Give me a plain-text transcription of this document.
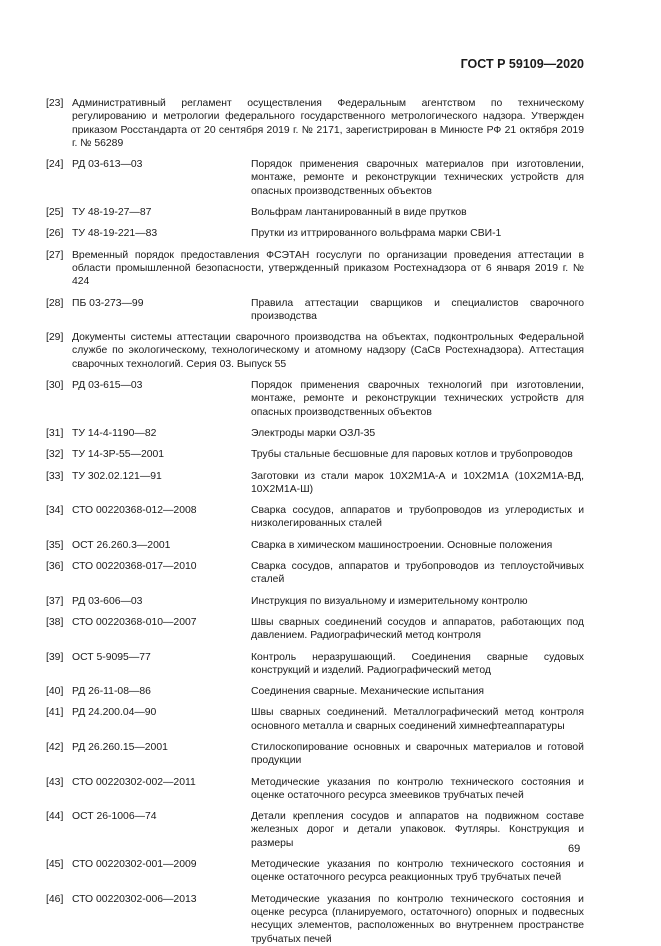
ГОСТ Р 59109—2020
[23] Административный регламент осуществления Федеральным агентством по техническому регулированию и метрологии федерального государственного метрологического надзора. Утвержден приказом Росстандарта от 20 сентября 2019 г. № 2171, зарегистрирован в Минюсте РФ 21 октября 2019 г. № 56289
[24] РД 03-613—03	Порядок применения сварочных материалов при изготовлении, монтаже, ремонте и реконструкции технических устройств для опасных производственных объектов
[25] ТУ 48-19-27—87	Вольфрам лантанированный в виде прутков
[26] ТУ 48-19-221—83	Прутки из иттрированного вольфрама марки СВИ-1
[27] Временный порядок предоставления ФСЭТАН госуслуги по организации проведения аттестации в области промышленной безопасности, утвержденный приказом Ростехнадзора от 6 января 2019 г. № 424
[28] ПБ 03-273—99	Правила аттестации сварщиков и специалистов сварочного производства
[29] Документы системы аттестации сварочного производства на объектах, подконтрольных Федеральной службе по экологическому, технологическому и атомному надзору (СаСв Ростехнадзора). Аттестация сварочных технологий. Серия 03. Выпуск 55
[30] РД 03-615—03	Порядок применения сварочных технологий при изготовлении, монтаже, ремонте и реконструкции технических устройств для опасных производственных объектов
[31] ТУ 14-4-1190—82	Электроды марки ОЗЛ-35
[32] ТУ 14-3Р-55—2001	Трубы стальные бесшовные для паровых котлов и трубопроводов
[33] ТУ 302.02.121—91	Заготовки из стали марок 10Х2М1А-А и 10Х2М1А (10Х2М1А-ВД, 10Х2М1А-Ш)
[34] СТО 00220368-012—2008	Сварка сосудов, аппаратов и трубопроводов из углеродистых и низколегированных сталей
[35] ОСТ 26.260.3—2001	Сварка в химическом машиностроении. Основные положения
[36] СТО 00220368-017—2010	Сварка сосудов, аппаратов и трубопроводов из теплоустойчивых сталей
[37] РД 03-606—03	Инструкция по визуальному и измерительному контролю
[38] СТО 00220368-010—2007	Швы сварных соединений сосудов и аппаратов, работающих под давлением. Радиографический метод контроля
[39] ОСТ 5-9095—77	Контроль неразрушающий. Соединения сварные судовых конструкций и изделий. Радиографический метод
[40] РД 26-11-08—86	Соединения сварные. Механические испытания
[41] РД 24.200.04—90	Швы сварных соединений. Металлографический метод контроля основного металла и сварных соединений химнефтеаппаратуры
[42] РД 26.260.15—2001	Стилоскопирование основных и сварочных материалов и готовой продукции
[43] СТО 00220302-002—2011	Методические указания по контролю технического состояния и оценке остаточного ресурса змеевиков трубчатых печей
[44] ОСТ 26-1006—74	Детали крепления сосудов и аппаратов на подвижном составе железных дорог и детали упаковок. Футляры. Конструкция и размеры
[45] СТО 00220302-001—2009	Методические указания по контролю технического состояния и оценке остаточного ресурса реакционных труб трубчатых печей
[46] СТО 00220302-006—2013	Методические указания по контролю технического состояния и оценке ресурса (планируемого, остаточного) опорных и подвесных несущих элементов, расположенных во внутреннем пространстве трубчатых печей
69
